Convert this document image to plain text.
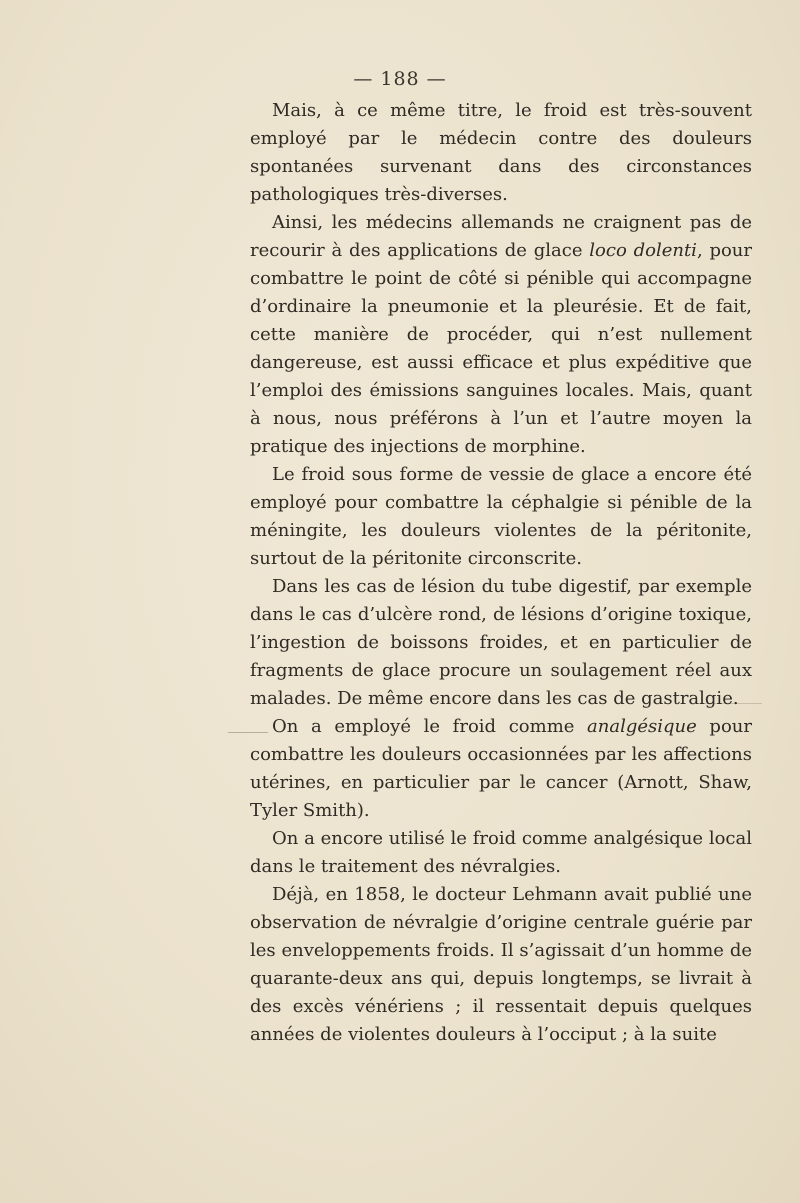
— 188 —

Mais, à ce même titre, le froid est très-souvent employé par le médecin contre des douleurs spontanées survenant dans des circonstances pathologiques très-diverses.

Ainsi, les médecins allemands ne craignent pas de recourir à des applications de glace loco dolenti, pour combattre le point de côté si pénible qui accompagne d’ordinaire la pneumonie et la pleurésie. Et de fait, cette manière de procéder, qui n’est nullement dangereuse, est aussi efficace et plus expéditive que l’emploi des émissions sanguines locales. Mais, quant à nous, nous préférons à l’un et l’autre moyen la pratique des injections de morphine.

Le froid sous forme de vessie de glace a encore été employé pour combattre la céphalgie si pénible de la méningite, les douleurs violentes de la péritonite, surtout de la péritonite circonscrite.

Dans les cas de lésion du tube digestif, par exemple dans le cas d’ulcère rond, de lésions d’origine toxique, l’ingestion de boissons froides, et en particulier de fragments de glace procure un soulagement réel aux malades. De même encore dans les cas de gastralgie.

On a employé le froid comme analgésique pour combattre les douleurs occasionnées par les affections utérines, en particulier par le cancer (Arnott, Shaw, Tyler Smith).

On a encore utilisé le froid comme analgésique local dans le traitement des névralgies.

Déjà, en 1858, le docteur Lehmann avait publié une observation de névralgie d’origine centrale guérie par les enveloppements froids. Il s’agissait d’un homme de quarante-deux ans qui, depuis longtemps, se livrait à des excès vénériens ; il ressentait depuis quelques années de violentes douleurs à l’occiput ; à la suite
